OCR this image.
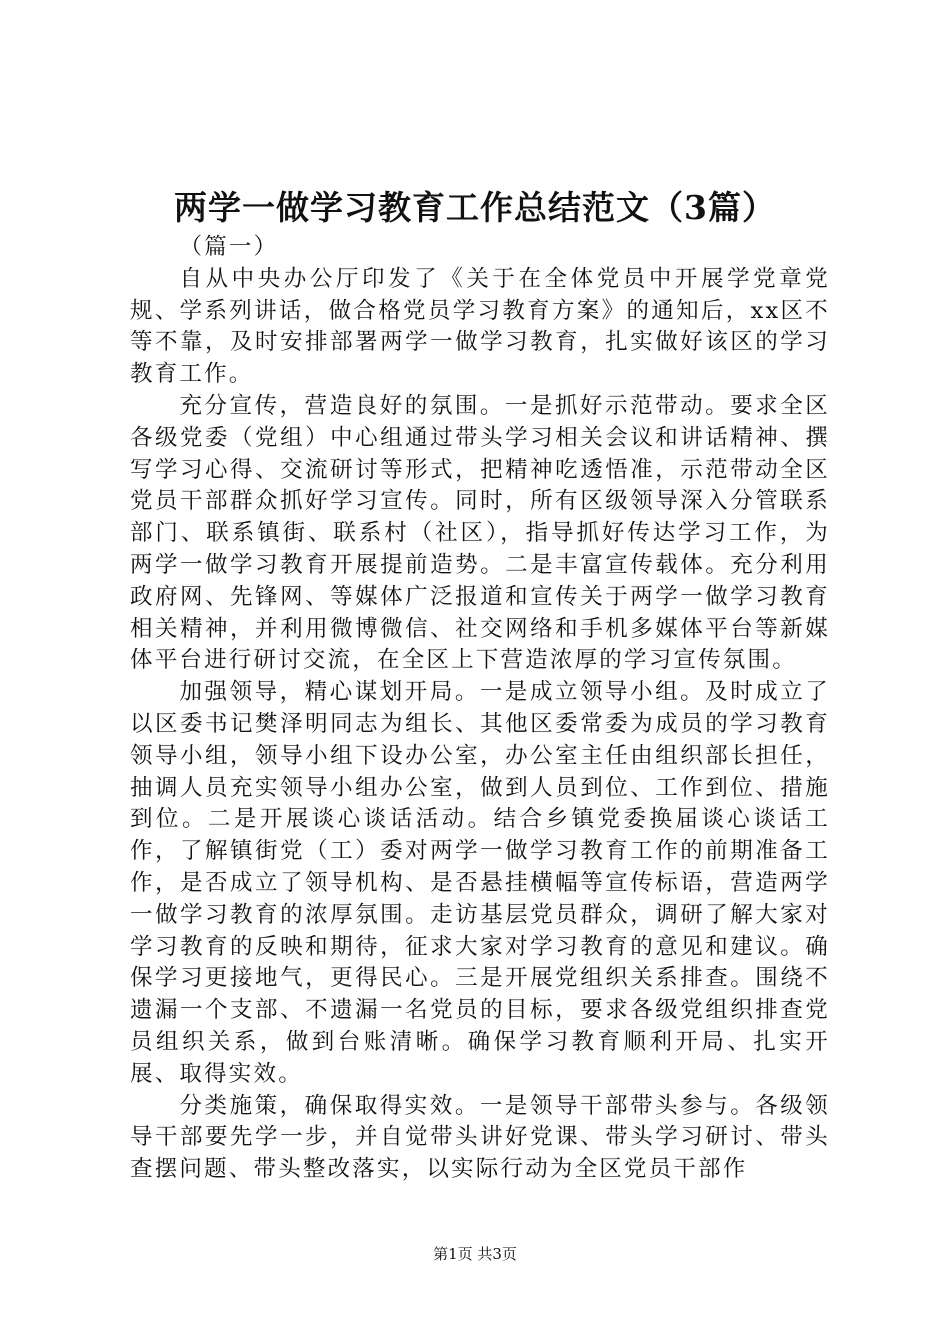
两学一做学习教育工作总结范文（3篇）

（篇一）

自从中央办公厅印发了《关于在全体党员中开展学党章党规、学系列讲话，做合格党员学习教育方案》的通知后，xx区不等不靠，及时安排部署两学一做学习教育，扎实做好该区的学习教育工作。

充分宣传，营造良好的氛围。一是抓好示范带动。要求全区各级党委（党组）中心组通过带头学习相关会议和讲话精神、撰写学习心得、交流研讨等形式，把精神吃透悟准，示范带动全区党员干部群众抓好学习宣传。同时，所有区级领导深入分管联系部门、联系镇街、联系村（社区），指导抓好传达学习工作，为两学一做学习教育开展提前造势。二是丰富宣传载体。充分利用政府网、先锋网、等媒体广泛报道和宣传关于两学一做学习教育相关精神，并利用微博微信、社交网络和手机多媒体平台等新媒体平台进行研讨交流，在全区上下营造浓厚的学习宣传氛围。

加强领导，精心谋划开局。一是成立领导小组。及时成立了以区委书记樊泽明同志为组长、其他区委常委为成员的学习教育领导小组，领导小组下设办公室，办公室主任由组织部长担任，抽调人员充实领导小组办公室，做到人员到位、工作到位、措施到位。二是开展谈心谈话活动。结合乡镇党委换届谈心谈话工作，了解镇街党（工）委对两学一做学习教育工作的前期准备工作，是否成立了领导机构、是否悬挂横幅等宣传标语，营造两学一做学习教育的浓厚氛围。走访基层党员群众，调研了解大家对学习教育的反映和期待，征求大家对学习教育的意见和建议。确保学习更接地气，更得民心。三是开展党组织关系排查。围绕不遗漏一个支部、不遗漏一名党员的目标，要求各级党组织排查党员组织关系，做到台账清晰。确保学习教育顺利开局、扎实开展、取得实效。

分类施策，确保取得实效。一是领导干部带头参与。各级领导干部要先学一步，并自觉带头讲好党课、带头学习研讨、带头查摆问题、带头整改落实，以实际行动为全区党员干部作

第1页 共3页
